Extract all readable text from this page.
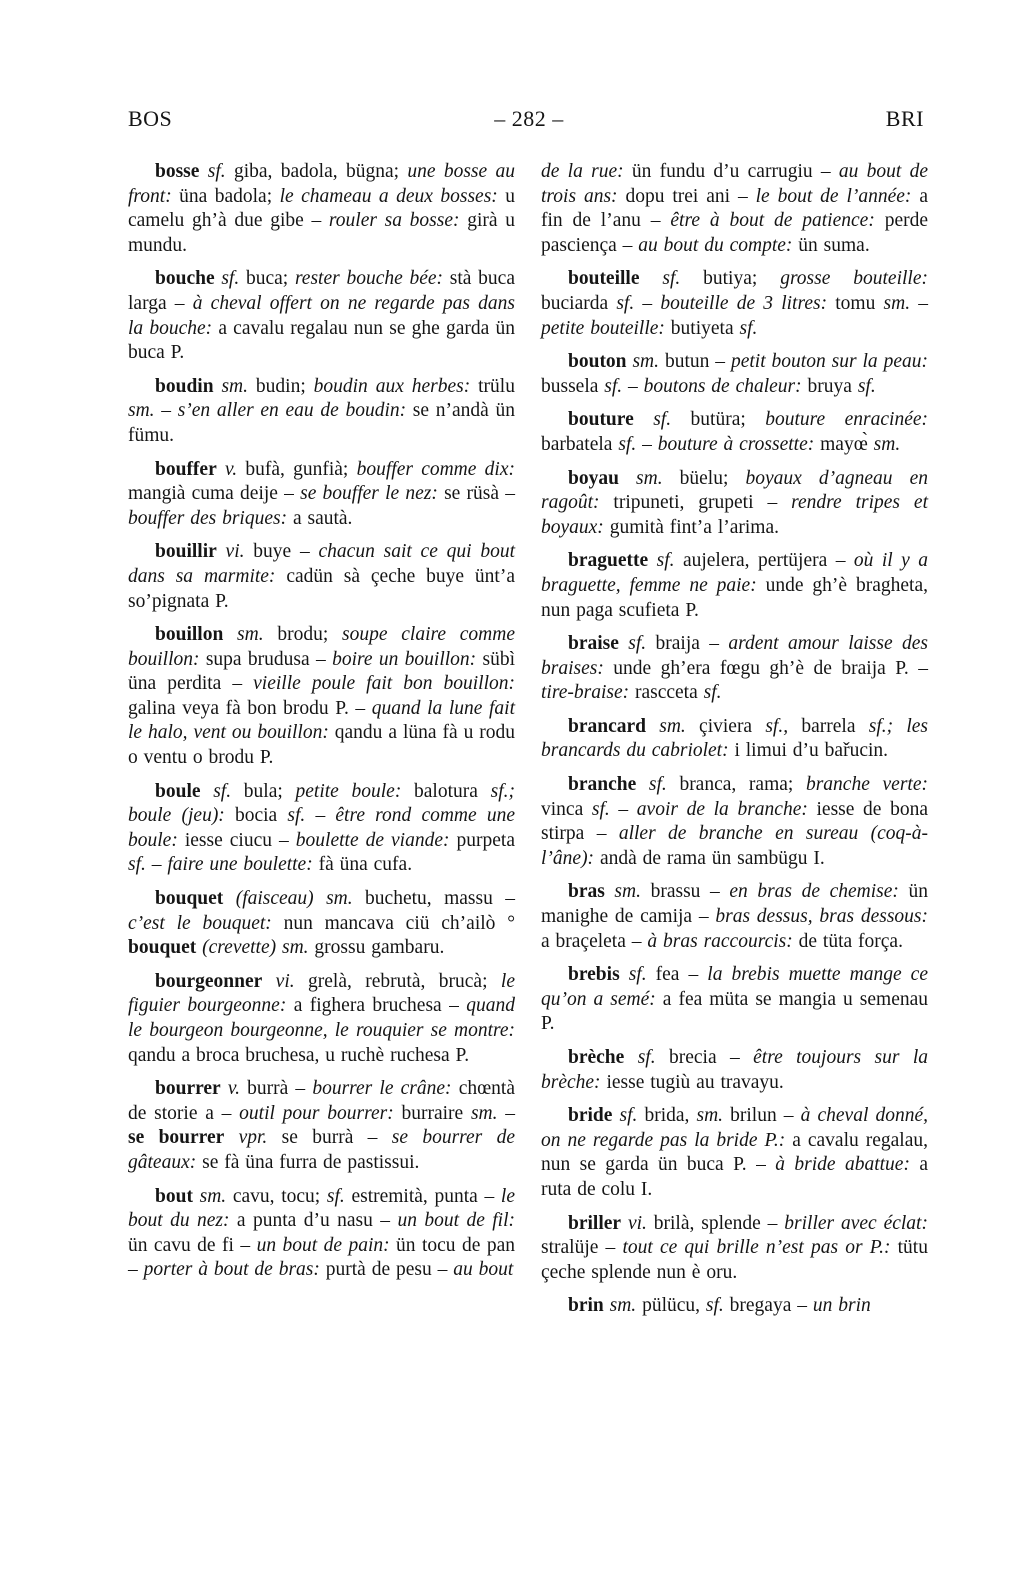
BOS	– 282 –	BRI

bosse sf. giba, badola, bügna; une bosse au front: üna badola; le chameau a deux bosses: u camelu gh’à due gibe – rouler sa bosse: girà u mundu.

bouche sf. buca; rester bouche bée: stà buca larga – à cheval offert on ne regarde pas dans la bouche: a cavalu regalau nun se ghe garda ün buca P.

boudin sm. budin; boudin aux herbes: trülu sm. – s’en aller en eau de boudin: se n’andà ün fümu.

bouffer v. bufà, gunfià; bouffer comme dix: mangià cuma deije – se bouffer le nez: se rüsà – bouffer des briques: a sautà.

bouillir vi. buye – chacun sait ce qui bout dans sa marmite: cadün sà çeche buye ünt’a so’pignata P.

bouillon sm. brodu; soupe claire comme bouillon: supa brudusa – boire un bouillon: sübì üna perdita – vieille poule fait bon bouillon: galina veya fà bon brodu P. – quand la lune fait le halo, vent ou bouillon: qandu a lüna fà u rodu o ventu o brodu P.

boule sf. bula; petite boule: balotura sf.; boule (jeu): bocia sf. – être rond comme une boule: iesse ciucu – boulette de viande: purpeta sf. – faire une boulette: fà üna cufa.

bouquet (faisceau) sm. buchetu, massu – c’est le bouquet: nun mancava ciü ch’ailò ° bouquet (crevette) sm. grossu gambaru.

bourgeonner vi. grelà, rebrutà, brucà; le figuier bourgeonne: a fighera bruchesa – quand le bourgeon bourgeonne, le rouquier se montre: qandu a broca bruchesa, u ruchè ruchesa P.

bourrer v. burrà – bourrer le crâne: chœntà de storie a – outil pour bourrer: burraire sm. – se bourrer vpr. se burrà – se bourrer de gâteaux: se fà üna furra de pastissui.

bout sm. cavu, tocu; sf. estremità, punta – le bout du nez: a punta d’u nasu – un bout de fil: ün cavu de fi – un bout de pain: ün tocu de pan – porter à bout de bras: purtà de pesu – au bout

de la rue: ün fundu d’u carrugiu – au bout de trois ans: dopu trei ani – le bout de l’année: a fin de l’anu – être à bout de patience: perde pasciença – au bout du compte: ün suma.

bouteille sf. butiya; grosse bouteille: buciarda sf. – bouteille de 3 litres: tomu sm. – petite bouteille: butiyeta sf.

bouton sm. butun – petit bouton sur la peau: bussela sf. – boutons de chaleur: bruya sf.

bouture sf. butüra; bouture enracinée: barbatela sf. – bouture à crossette: mayœ̀ sm.

boyau sm. büelu; boyaux d’agneau en ragoût: tripuneti, grupeti – rendre tripes et boyaux: gumità fint’a l’arima.

braguette sf. aujelera, pertüjera – où il y a braguette, femme ne paie: unde gh’è bragheta, nun paga scufieta P.

braise sf. braija – ardent amour laisse des braises: unde gh’era fœgu gh’è de braija P. – tire-braise: rascceta sf.

brancard sm. çiviera sf., barrela sf.; les brancards du cabriolet: i limui d’u bařucin.

branche sf. branca, rama; branche verte: vinca sf. – avoir de la branche: iesse de bona stirpa – aller de branche en sureau (coq-à-l’âne): andà de rama ün sambügu I.

bras sm. brassu – en bras de chemise: ün manighe de camija – bras dessus, bras dessous: a braçeleta – à bras raccourcis: de tüta força.

brebis sf. fea – la brebis muette mange ce qu’on a semé: a fea müta se mangia u semenau P.

brèche sf. brecia – être toujours sur la brèche: iesse tugiù au travayu.

bride sf. brida, sm. brilun – à cheval donné, on ne regarde pas la bride P.: a cavalu regalau, nun se garda ün buca P. – à bride abattue: a ruta de colu I.

briller vi. brilà, splende – briller avec éclat: stralüje – tout ce qui brille n’est pas or P.: tütu çeche splende nun è oru.

brin sm. pülücu, sf. bregaya – un brin
